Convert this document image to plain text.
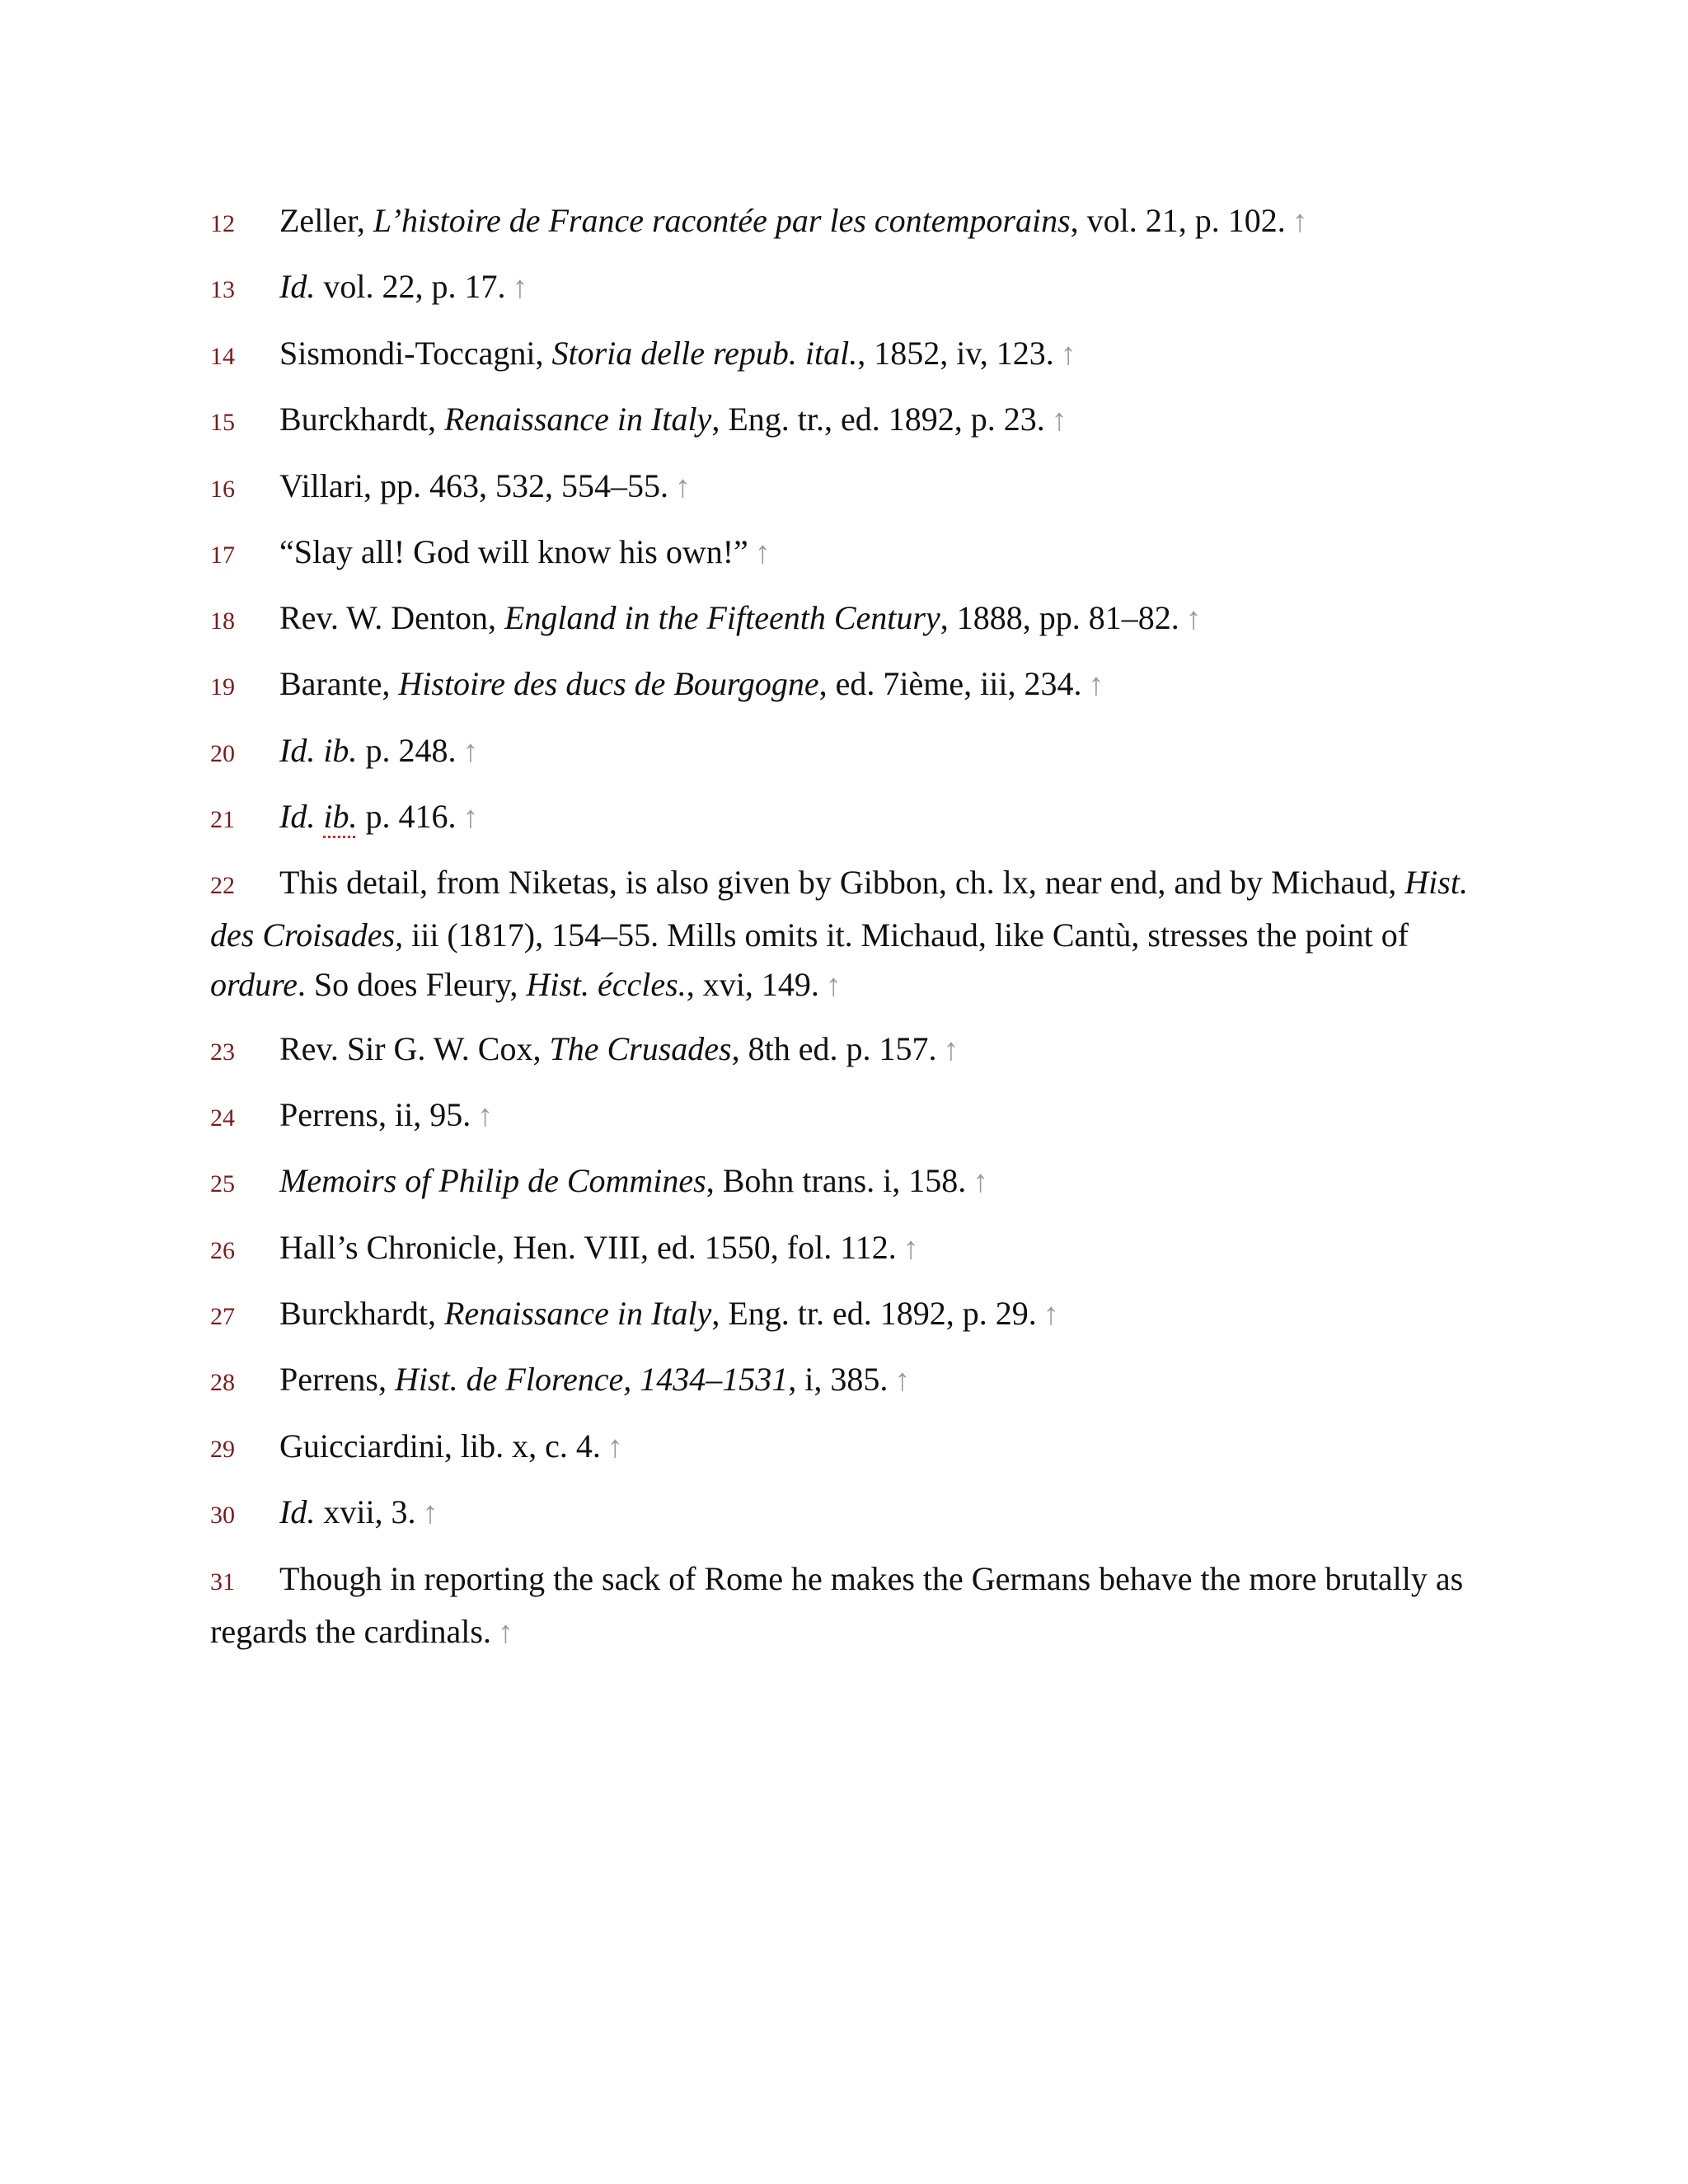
12 Zeller, L’histoire de France racontée par les contemporains, vol. 21, p. 102. ↑

13 Id. vol. 22, p. 17. ↑

14 Sismondi-Toccagni, Storia delle repub. ital., 1852, iv, 123. ↑

15 Burckhardt, Renaissance in Italy, Eng. tr., ed. 1892, p. 23. ↑

16 Villari, pp. 463, 532, 554–55. ↑

17 “Slay all! God will know his own!” ↑

18 Rev. W. Denton, England in the Fifteenth Century, 1888, pp. 81–82. ↑

19 Barante, Histoire des ducs de Bourgogne, ed. 7ième, iii, 234. ↑

20 Id. ib. p. 248. ↑

21 Id. ib. p. 416. ↑

22 This detail, from Niketas, is also given by Gibbon, ch. lx, near end, and by Michaud, Hist. des Croisades, iii (1817), 154–55. Mills omits it. Michaud, like Cantù, stresses the point of ordure. So does Fleury, Hist. éccles., xvi, 149. ↑

23 Rev. Sir G. W. Cox, The Crusades, 8th ed. p. 157. ↑

24 Perrens, ii, 95. ↑

25 Memoirs of Philip de Commines, Bohn trans. i, 158. ↑

26 Hall’s Chronicle, Hen. VIII, ed. 1550, fol. 112. ↑

27 Burckhardt, Renaissance in Italy, Eng. tr. ed. 1892, p. 29. ↑

28 Perrens, Hist. de Florence, 1434–1531, i, 385. ↑

29 Guicciardini, lib. x, c. 4. ↑

30 Id. xvii, 3. ↑

31 Though in reporting the sack of Rome he makes the Germans behave the more brutally as regards the cardinals. ↑
